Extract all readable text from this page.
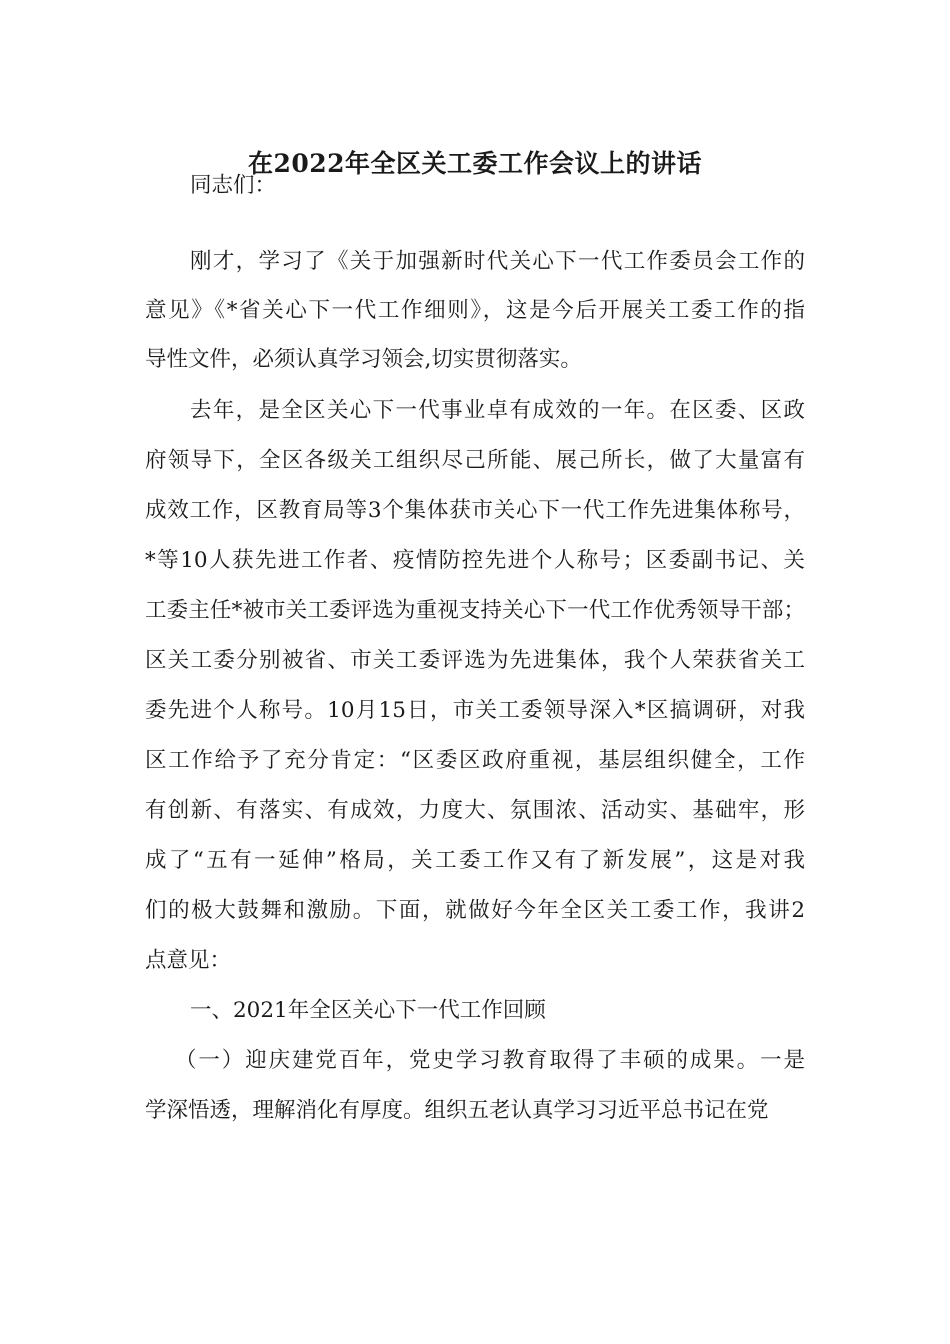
在2022年全区关工委工作会议上的讲话
同志们：
刚才，学习了《关于加强新时代关心下一代工作委员会工作的
意见》《*省关心下一代工作细则》，这是今后开展关工委工作的指
导性文件，必须认真学习领会,切实贯彻落实。
去年，是全区关心下一代事业卓有成效的一年。在区委、区政
府领导下，全区各级关工组织尽己所能、展己所长，做了大量富有
成效工作，区教育局等3个集体获市关心下一代工作先进集体称号，
*等10人获先进工作者、疫情防控先进个人称号；区委副书记、关
工委主任*被市关工委评选为重视支持关心下一代工作优秀领导干部；
区关工委分别被省、市关工委评选为先进集体，我个人荣获省关工
委先进个人称号。10月15日，市关工委领导深入*区搞调研，对我
区工作给予了充分肯定：“区委区政府重视，基层组织健全，工作
有创新、有落实、有成效，力度大、氛围浓、活动实、基础牢，形
成了“五有一延伸”格局，关工委工作又有了新发展”，这是对我
们的极大鼓舞和激励。下面，就做好今年全区关工委工作，我讲2
点意见：
一、2021年全区关心下一代工作回顾
（一）迎庆建党百年，党史学习教育取得了丰硕的成果。一是
学深悟透，理解消化有厚度。组织五老认真学习习近平总书记在党
